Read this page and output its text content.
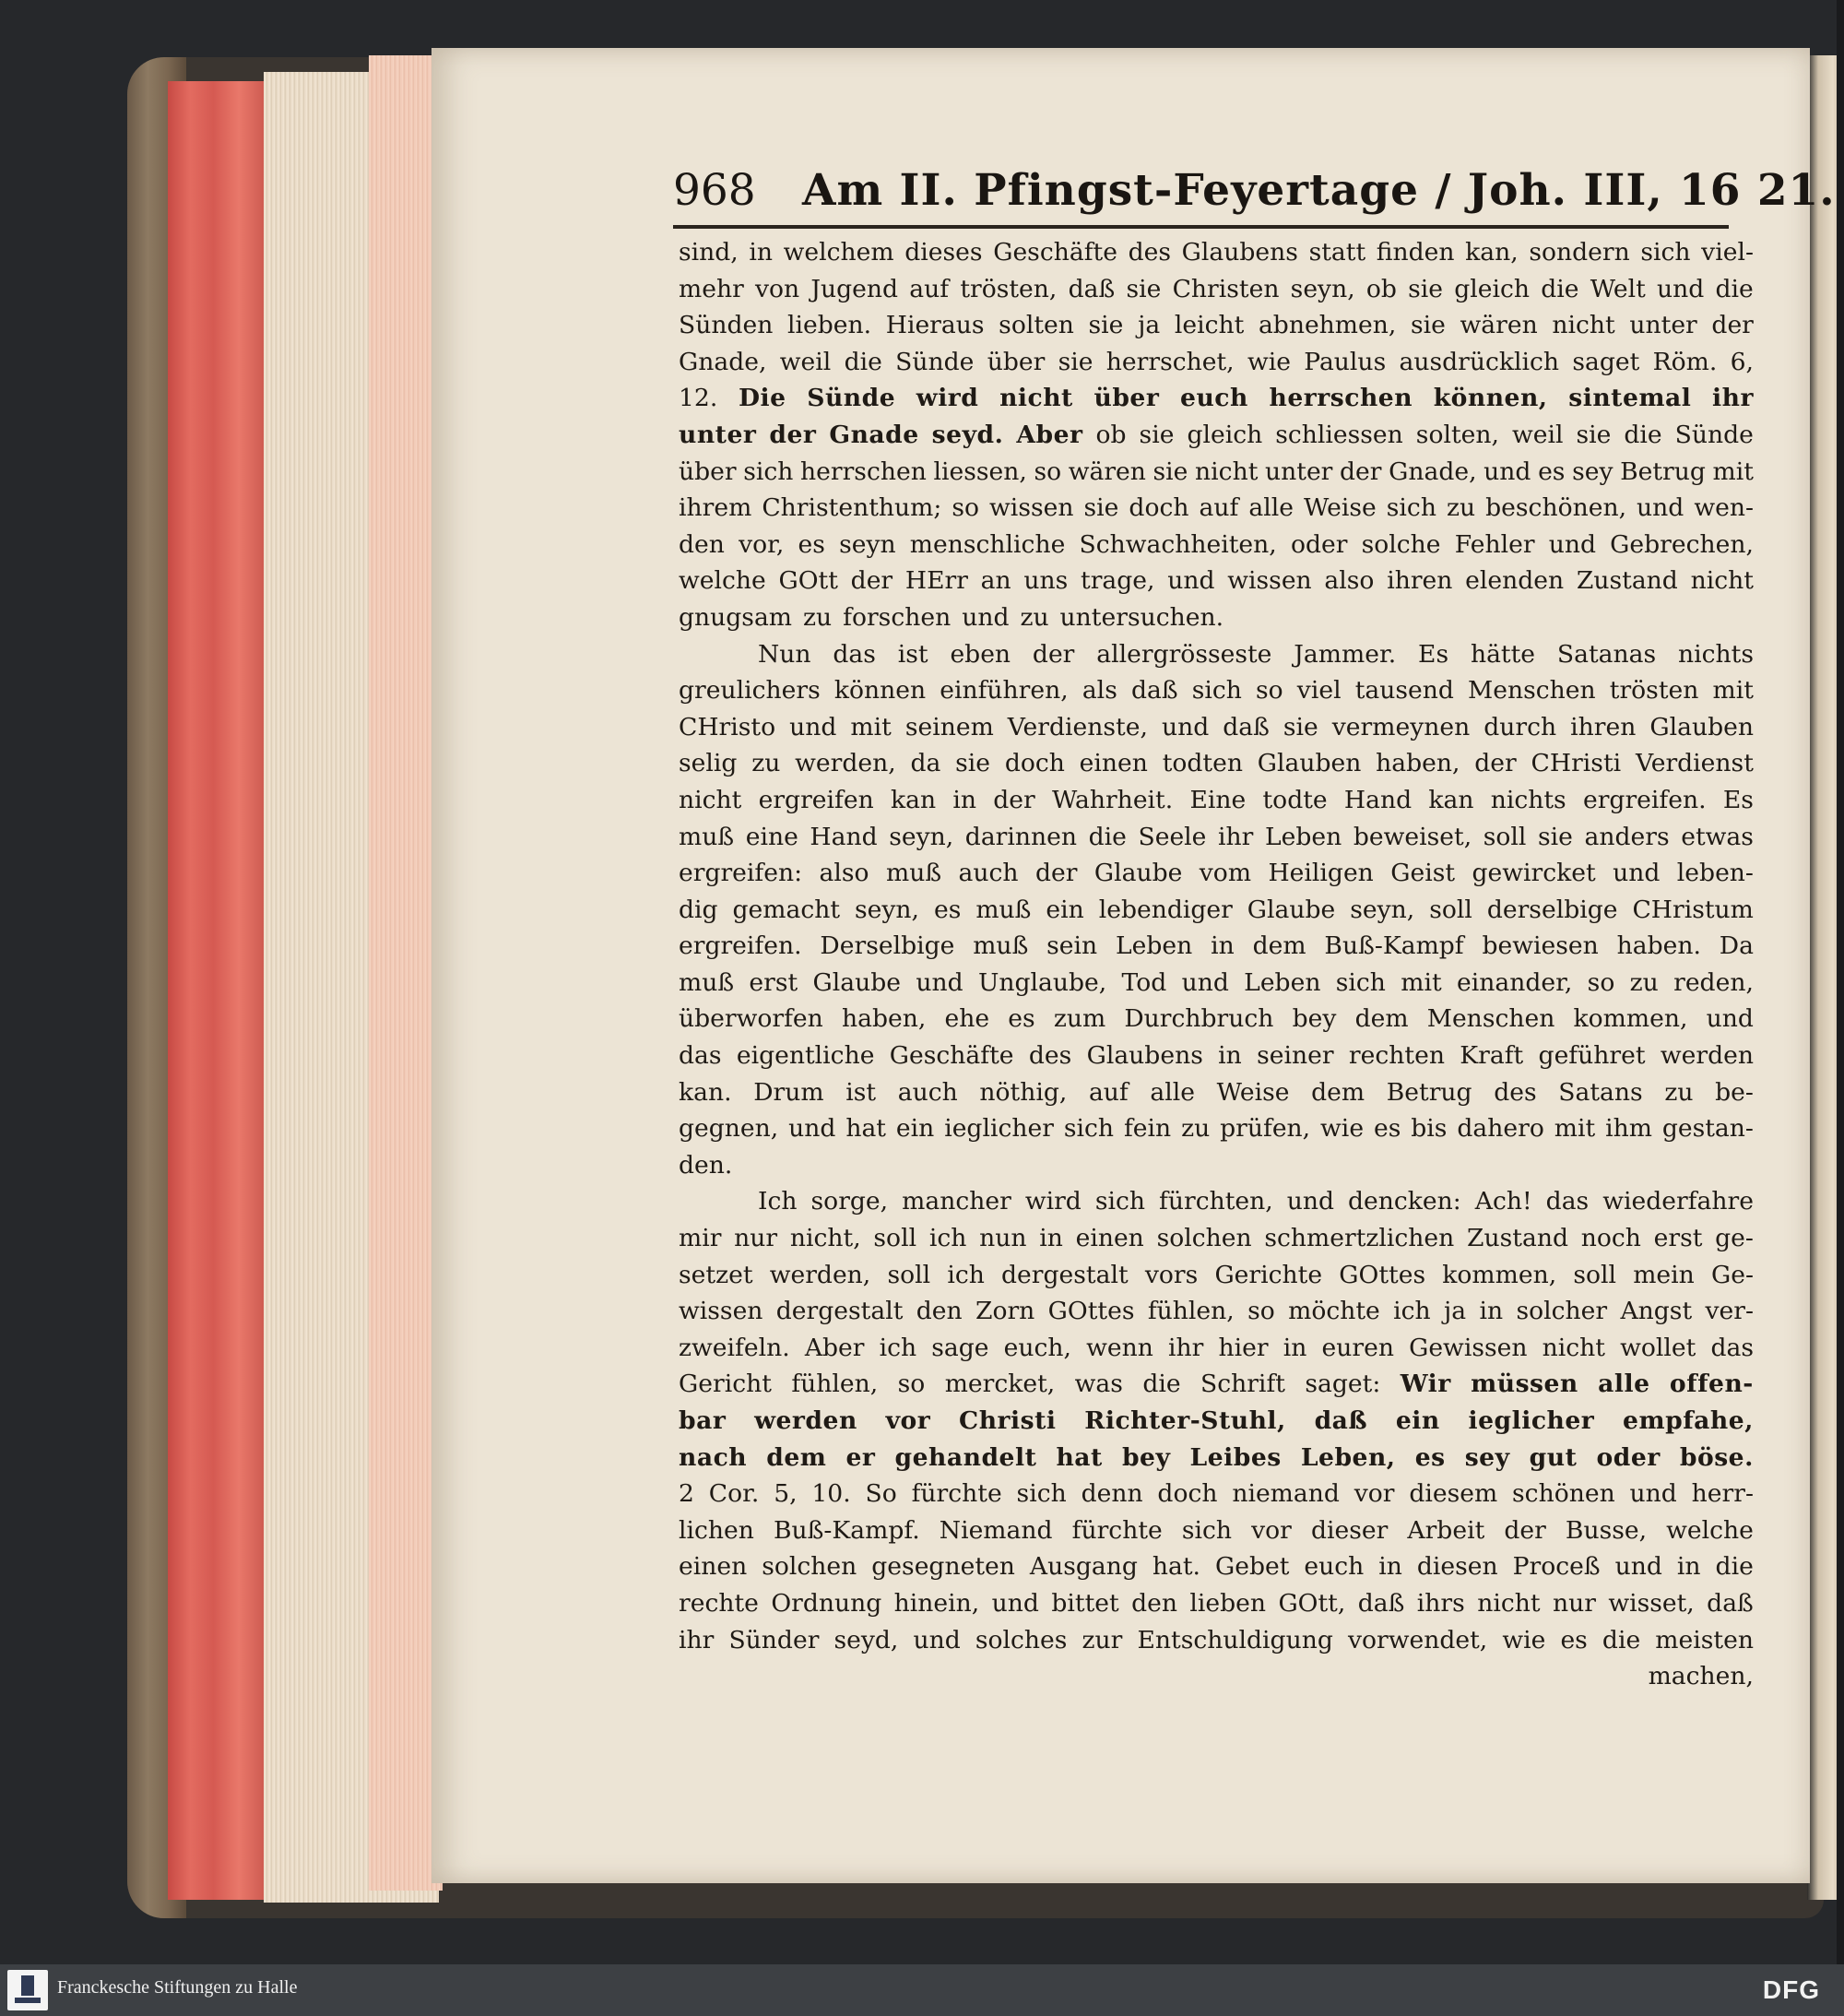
968 Am II. Pfingst-Feyertage / Joh. III, 16 21.
sind, in welchem dieses Geschäfte des Glaubens statt finden kan, sondern sich viel-
mehr von Jugend auf trösten, daß sie Christen seyn, ob sie gleich die Welt und die
Sünden lieben. Hieraus solten sie ja leicht abnehmen, sie wären nicht unter der
Gnade, weil die Sünde über sie herrschet, wie Paulus ausdrücklich saget Röm. 6,
12. Die Sünde wird nicht über euch herrschen können, sintemal ihr
unter der Gnade seyd. Aber ob sie gleich schliessen solten, weil sie die Sünde
über sich herrschen liessen, so wären sie nicht unter der Gnade, und es sey Betrug mit
ihrem Christenthum; so wissen sie doch auf alle Weise sich zu beschönen, und wen-
den vor, es seyn menschliche Schwachheiten, oder solche Fehler und Gebrechen,
welche GOtt der HErr an uns trage, und wissen also ihren elenden Zustand nicht
gnugsam zu forschen und zu untersuchen.
Nun das ist eben der allergrösseste Jammer. Es hätte Satanas nichts
greulichers können einführen, als daß sich so viel tausend Menschen trösten mit
CHristo und mit seinem Verdienste, und daß sie vermeynen durch ihren Glauben
selig zu werden, da sie doch einen todten Glauben haben, der CHristi Verdienst
nicht ergreifen kan in der Wahrheit. Eine todte Hand kan nichts ergreifen. Es
muß eine Hand seyn, darinnen die Seele ihr Leben beweiset, soll sie anders etwas
ergreifen: also muß auch der Glaube vom Heiligen Geist gewircket und leben-
dig gemacht seyn, es muß ein lebendiger Glaube seyn, soll derselbige CHristum
ergreifen. Derselbige muß sein Leben in dem Buß-Kampf bewiesen haben. Da
muß erst Glaube und Unglaube, Tod und Leben sich mit einander, so zu reden,
überworfen haben, ehe es zum Durchbruch bey dem Menschen kommen, und
das eigentliche Geschäfte des Glaubens in seiner rechten Kraft geführet werden
kan. Drum ist auch nöthig, auf alle Weise dem Betrug des Satans zu be-
gegnen, und hat ein ieglicher sich fein zu prüfen, wie es bis dahero mit ihm gestan-
den.
Ich sorge, mancher wird sich fürchten, und dencken: Ach! das wiederfahre
mir nur nicht, soll ich nun in einen solchen schmertzlichen Zustand noch erst ge-
setzet werden, soll ich dergestalt vors Gerichte GOttes kommen, soll mein Ge-
wissen dergestalt den Zorn GOttes fühlen, so möchte ich ja in solcher Angst ver-
zweifeln. Aber ich sage euch, wenn ihr hier in euren Gewissen nicht wollet das
Gericht fühlen, so mercket, was die Schrift saget: Wir müssen alle offen-
bar werden vor Christi Richter-Stuhl, daß ein ieglicher empfahe,
nach dem er gehandelt hat bey Leibes Leben, es sey gut oder böse.
2 Cor. 5, 10. So fürchte sich denn doch niemand vor diesem schönen und herr-
lichen Buß-Kampf. Niemand fürchte sich vor dieser Arbeit der Busse, welche
einen solchen gesegneten Ausgang hat. Gebet euch in diesen Proceß und in die
rechte Ordnung hinein, und bittet den lieben GOtt, daß ihrs nicht nur wisset, daß
ihr Sünder seyd, und solches zur Entschuldigung vorwendet, wie es die meisten
machen,
Franckesche Stiftungen zu Halle	DFG
